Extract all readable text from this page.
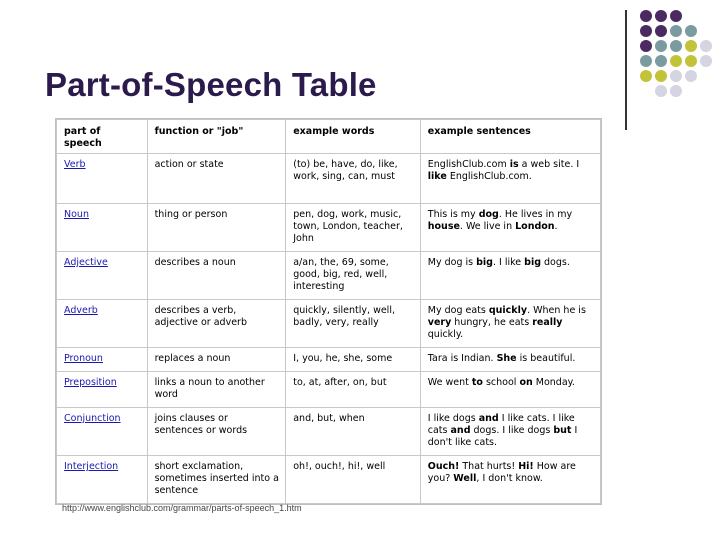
Part-of-Speech Table
part of speech	function or "job"	example words	example sentences
Verb	action or state	(to) be, have, do, like, work, sing, can, must	EnglishClub.com is a web site. I like EnglishClub.com.
Noun	thing or person	pen, dog, work, music, town, London, teacher, John	This is my dog. He lives in my house. We live in London.
Adjective	describes a noun	a/an, the, 69, some, good, big, red, well, interesting	My dog is big. I like big dogs.
Adverb	describes a verb, adjective or adverb	quickly, silently, well, badly, very, really	My dog eats quickly. When he is very hungry, he eats really quickly.
Pronoun	replaces a noun	I, you, he, she, some	Tara is Indian. She is beautiful.
Preposition	links a noun to another word	to, at, after, on, but	We went to school on Monday.
Conjunction	joins clauses or sentences or words	and, but, when	I like dogs and I like cats. I like cats and dogs. I like dogs but I don't like cats.
Interjection	short exclamation, sometimes inserted into a sentence	oh!, ouch!, hi!, well	Ouch! That hurts! Hi! How are you? Well, I don't know.
http://www.englishclub.com/grammar/parts-of-speech_1.htm
